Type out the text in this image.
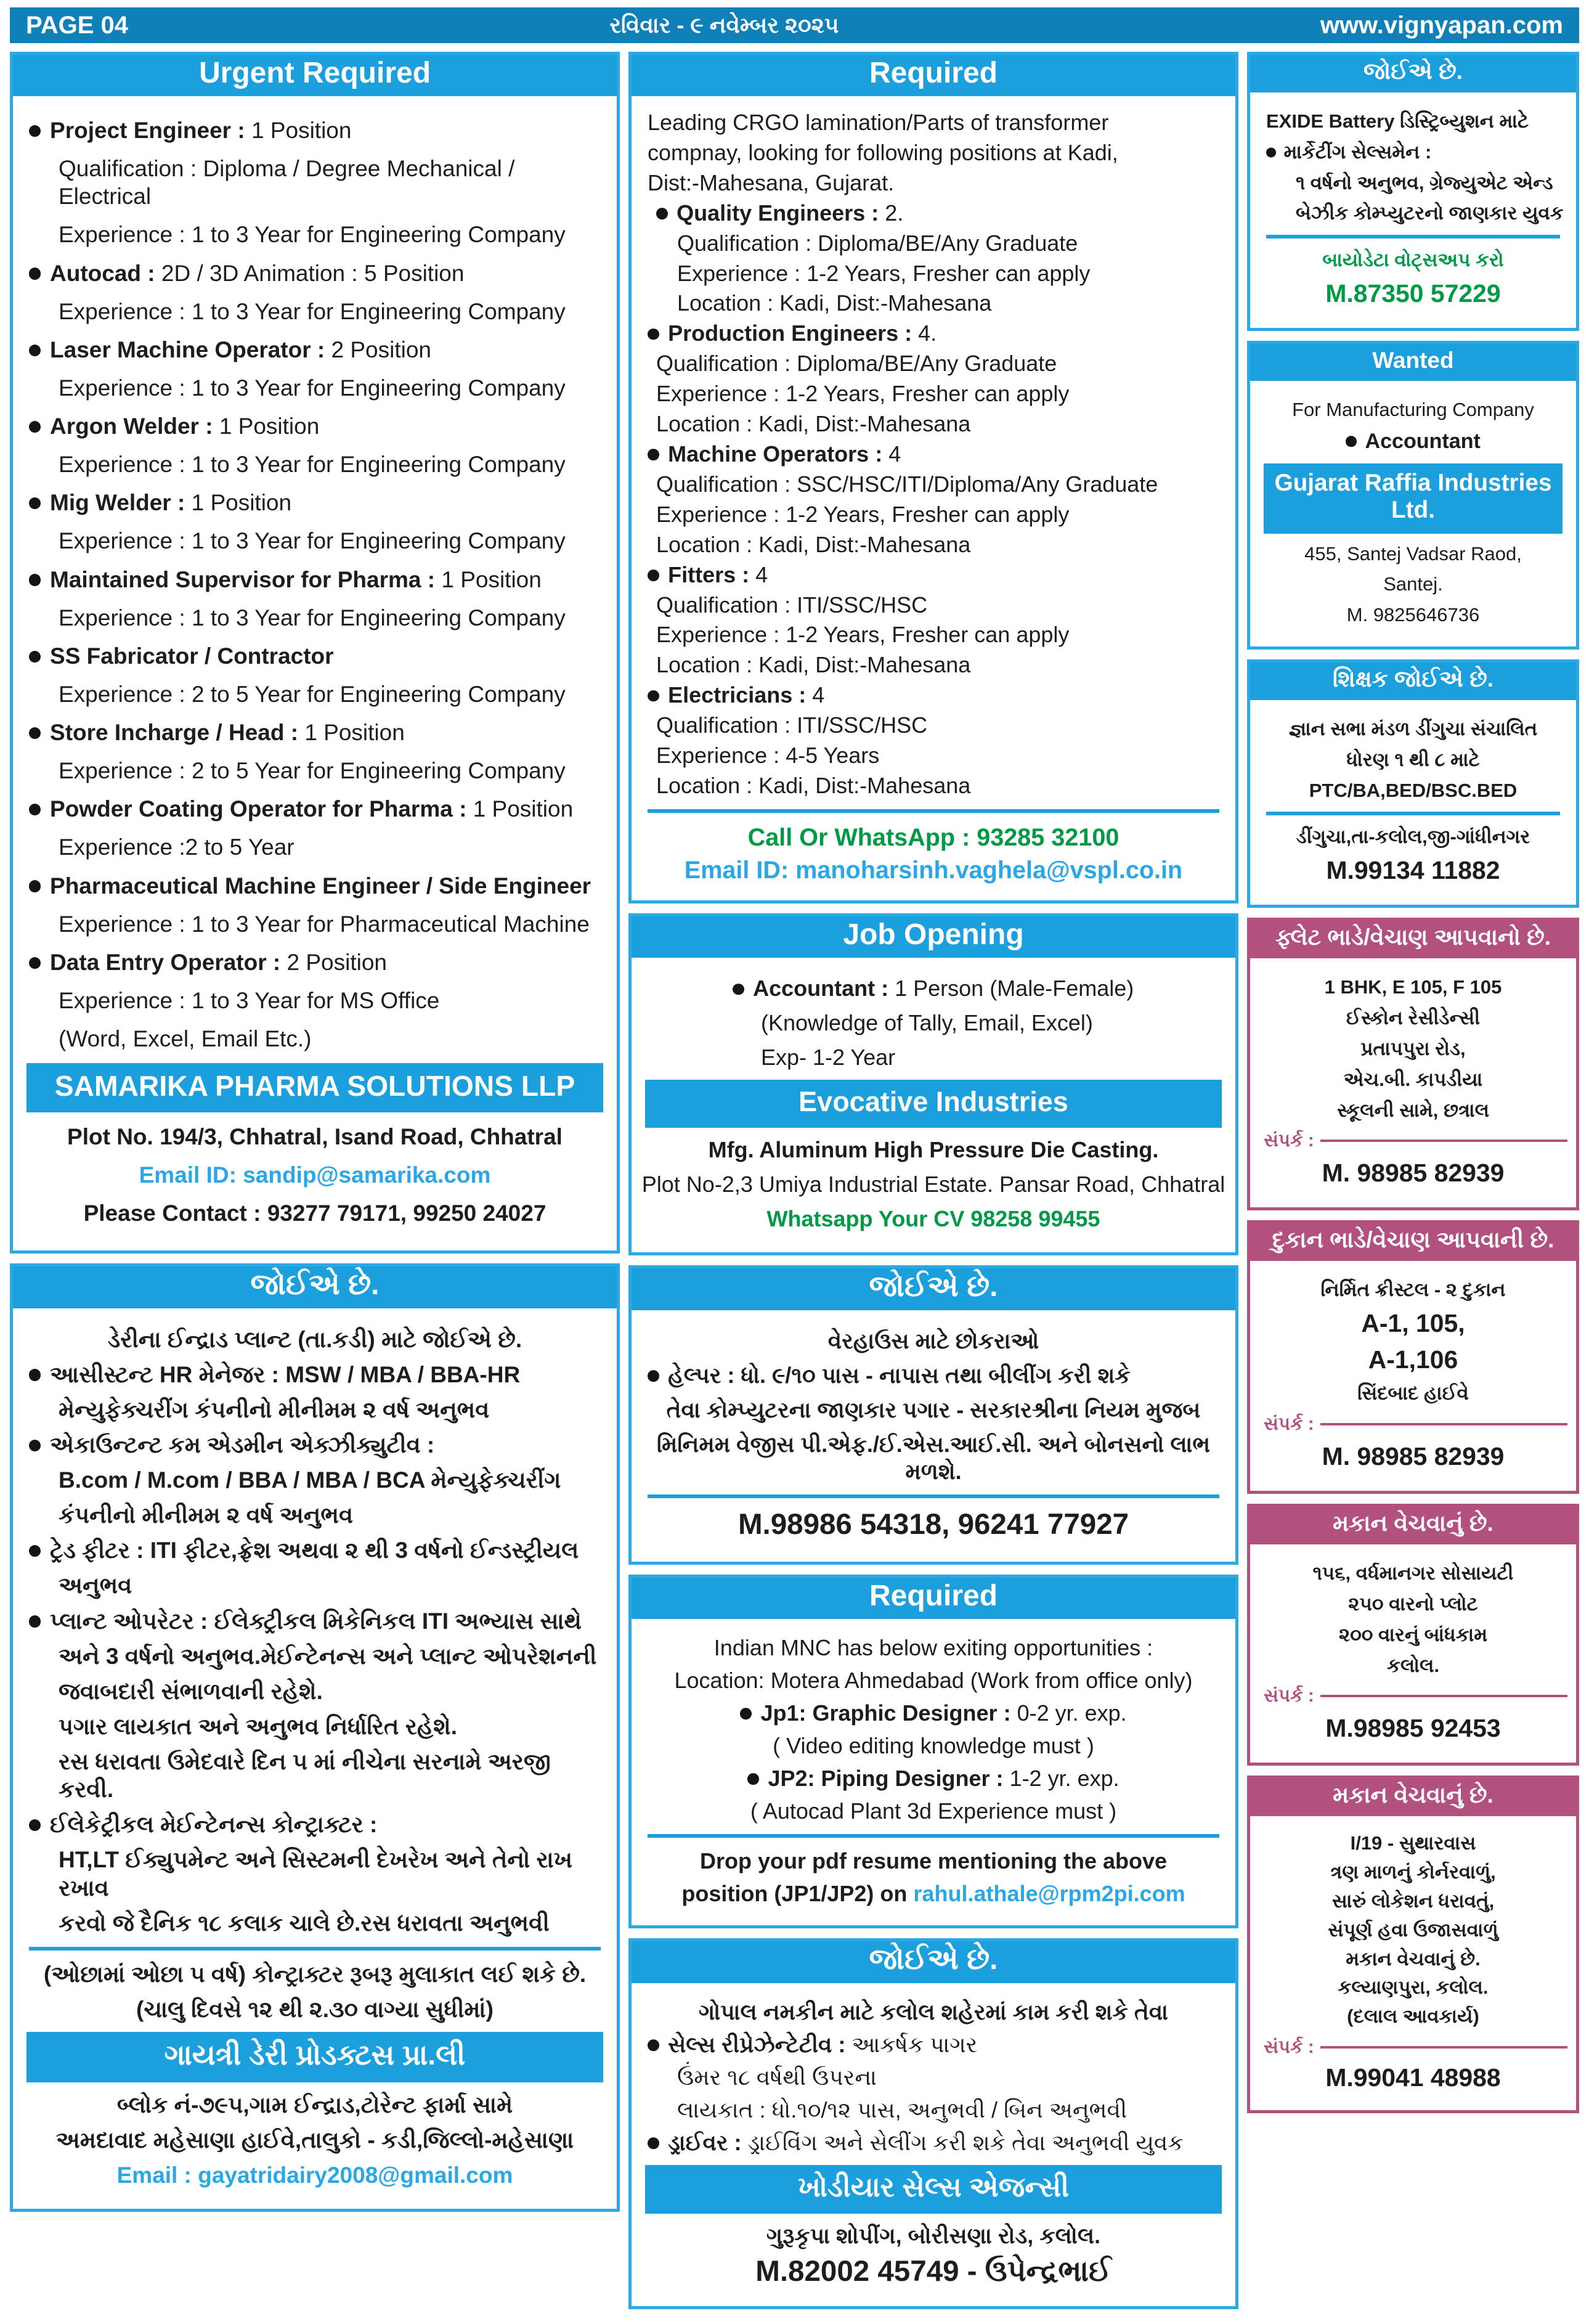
PAGE 04	રવિવાર - ૯ નવેમ્બર ૨૦૨૫	www.vignyapan.com
Urgent Required
Project Engineer : 1 Position
Qualification : Diploma / Degree Mechanical / Electrical
Experience : 1 to 3 Year for Engineering Company
Autocad : 2D / 3D Animation : 5 Position
Experience : 1 to 3 Year for Engineering Company
Laser Machine Operator : 2 Position
Experience : 1 to 3 Year for Engineering Company
Argon Welder : 1 Position
Experience : 1 to 3 Year for Engineering Company
Mig Welder : 1 Position
Experience : 1 to 3 Year for Engineering Company
Maintained Supervisor for Pharma : 1 Position
Experience : 1 to 3 Year for Engineering Company
SS Fabricator / Contractor
Experience : 2 to 5 Year for Engineering Company
Store Incharge / Head : 1 Position
Experience : 2 to 5 Year for Engineering Company
Powder Coating Operator for Pharma : 1 Position
Experience :2 to 5 Year
Pharmaceutical Machine Engineer / Side Engineer
Experience : 1 to 3 Year for Pharmaceutical Machine
Data Entry Operator : 2 Position
Experience : 1 to 3 Year for MS Office
(Word, Excel, Email Etc.)
SAMARIKA PHARMA SOLUTIONS LLP
Plot No. 194/3, Chhatral, Isand Road, Chhatral
Email ID: sandip@samarika.com
Please Contact : 93277 79171, 99250 24027
જોઈએ છે.
ડેરીના ઈન્દ્રાડ પ્લાન્ટ (તા.કડી) માટે જોઈએ છે.
આસીસ્ટન્ટ HR મેનેજર : MSW / MBA / BBA-HR
મેન્યુફેક્ચરીંગ કંપનીનો મીનીમમ ૨ વર્ષ અનુભવ
એકાઉન્ટન્ટ કમ એડમીન એક્ઝીક્યુટીવ :
B.com / M.com / BBA / MBA / BCA મેન્યુફેક્ચરીંગ
કંપનીનો મીનીમમ ૨ વર્ષ અનુભવ
ટ્રેડ ફીટર : ITI ફીટર,ફ્રેશ અથવા ૨ થી 3 વર્ષનો ઈન્ડસ્ટ્રીયલ
અનુભવ
પ્લાન્ટ ઓપરેટર : ઈલેક્ટ્રીકલ મિકેનિકલ ITI અભ્યાસ સાથે
અને 3 વર્ષનો અનુભવ.મેઈન્ટેનન્સ અને પ્લાન્ટ ઓપરેશનની
જવાબદારી સંભાળવાની રહેશે.
પગાર લાયકાત અને અનુભવ નિર્ધારિત રહેશે.
રસ ધરાવતા ઉમેદવારે દિન ૫ માં નીચેના સરનામે અરજી કરવી.
ઈલેકેટ્રીકલ મેઈન્ટેનન્સ કોન્ટ્રાક્ટર :
HT,LT ઈક્યુપમેન્ટ અને સિસ્ટમની દેખરેખ અને તેનો રાખ રખાવ
કરવો જે દૈનિક ૧૮ કલાક ચાલે છે.રસ ધરાવતા અનુભવી
(ઓછામાં ઓછા ૫ વર્ષ) કોન્ટ્રાક્ટર રૂબરૂ મુલાકાત લઈ શકે છે.
(ચાલુ દિવસે ૧૨ થી ૨.૩૦ વાગ્યા સુધીમાં)
ગાયત્રી ડેરી પ્રોડક્ટસ પ્રા.લી
બ્લોક નં-૭૯૫,ગામ ઈન્દ્રાડ,ટોરેન્ટ ફાર્મા સામે
અમદાવાદ મહેસાણા હાઈવે,તાલુકો - કડી,જિલ્લો-મહેસાણા
Email : gayatridairy2008@gmail.com
Required
Leading CRGO lamination/Parts of transformer
compnay, looking for following positions at Kadi,
Dist:-Mahesana, Gujarat.
Quality Engineers : 2.
Qualification : Diploma/BE/Any Graduate
Experience : 1-2 Years, Fresher can apply
Location : Kadi, Dist:-Mahesana
Production Engineers : 4.
Qualification : Diploma/BE/Any Graduate
Experience : 1-2 Years, Fresher can apply
Location : Kadi, Dist:-Mahesana
Machine Operators : 4
Qualification : SSC/HSC/ITI/Diploma/Any Graduate
Experience : 1-2 Years, Fresher can apply
Location : Kadi, Dist:-Mahesana
Fitters : 4
Qualification : ITI/SSC/HSC
Experience : 1-2 Years, Fresher can apply
Location : Kadi, Dist:-Mahesana
Electricians : 4
Qualification : ITI/SSC/HSC
Experience : 4-5 Years
Location : Kadi, Dist:-Mahesana
Call Or WhatsApp : 93285 32100
Email ID: manoharsinh.vaghela@vspl.co.in
Job Opening
Accountant : 1 Person (Male-Female)
(Knowledge of Tally, Email, Excel)
Exp- 1-2 Year
Evocative Industries
Mfg. Aluminum High Pressure Die Casting.
Plot No-2,3 Umiya Industrial Estate. Pansar Road, Chhatral
Whatsapp Your CV 98258 99455
જોઈએ છે.
વેરહાઉસ માટે છોકરાઓ
હેલ્પર : ધો. ૯/૧૦ પાસ - નાપાસ તથા બીલીંગ કરી શકે
તેવા કોમ્પ્યુટરના જાણકાર પગાર - સરકારશ્રીના નિયમ મુજબ
મિનિમમ વેજીસ પી.એફ./ઈ.એસ.આઈ.સી. અને બોનસનો લાભ મળશે.
M.98986 54318, 96241 77927
Required
Indian MNC has below exiting opportunities :
Location: Motera Ahmedabad (Work from office only)
Jp1: Graphic Designer : 0-2 yr. exp.
( Video editing knowledge must )
JP2: Piping Designer : 1-2 yr. exp.
( Autocad Plant 3d Experience must )
Drop your pdf resume mentioning the above
position (JP1/JP2) on rahul.athale@rpm2pi.com
જોઈએ છે.
ગોપાલ નમકીન માટે કલોલ શહેરમાં કામ કરી શકે તેવા
સેલ્સ રીપ્રેઝેન્ટેટીવ : આકર્ષક પાગર
ઉંમર ૧૮ વર્ષથી ઉપરના
લાયકાત : ધો.૧૦/૧૨ પાસ, અનુભવી / બિન અનુભવી
ડ્રાઈવર : ડ્રાઈવિંગ અને સેલીંગ કરી શકે તેવા અનુભવી યુવક
ખોડીયાર સેલ્સ એજન્સી
ગુરૂકૃપા શોપીંગ, બોરીસણા રોડ, કલોલ.
M.82002 45749 - ઉપેન્દ્રભાઈ
જોઈએ છે.
EXIDE Battery ડિસ્ટ્રિબ્યુશન માટે
માર્કેટીંગ સેલ્સમેન :
૧ વર્ષનો અનુભવ, ગ્રેજ્યુએટ એન્ડ
બેઝીક કોમ્પ્યુટરનો જાણકાર યુવક
બાયોડેટા વોટ્સઅપ કરો
M.87350 57229
Wanted
For Manufacturing Company
Accountant
Gujarat Raffia Industries Ltd.
455, Santej Vadsar Raod,
Santej.
M. 9825646736
શિક્ષક જોઈએ છે.
જ્ઞાન સભા મંડળ ડીંગુચા સંચાલિત
ધોરણ ૧ થી ૮ માટે
PTC/BA,BED/BSC.BED
ડીંગુચા,તા-કલોલ,જી-ગાંધીનગર
M.99134 11882
ફ્લેટ ભાડે/વેચાણ આપવાનો છે.
1 BHK, E 105, F 105
ઈસ્કોન રેસીડેન્સી
પ્રતાપપુરા રોડ,
એચ.બી. કાપડીયા
સ્કૂલની સામે, છત્રાલ
સંપર્ક :
M. 98985 82939
દુકાન ભાડે/વેચાણ આપવાની છે.
નિર્મિત ક્રીસ્ટલ - ૨ દુકાન
A-1, 105,
A-1,106
સિંદબાદ હાઈવે
સંપર્ક :
M. 98985 82939
મકાન વેચવાનું છે.
૧૫૬, વર્ધમાનગર સોસાયટી
૨૫૦ વારનો પ્લોટ
૨૦૦ વારનું બાંધકામ
કલોલ.
સંપર્ક :
M.98985 92453
મકાન વેચવાનું છે.
I/19 - સુથારવાસ
ત્રણ માળનું કોર્નરવાળું,
સારું લોકેશન ધરાવતું,
સંપૂર્ણ હવા ઉજાસવાળું
મકાન વેચવાનું છે.
કલ્યાણપુરા, કલોલ.
(દલાલ આવકાર્ય)
સંપર્ક :
M.99041 48988
